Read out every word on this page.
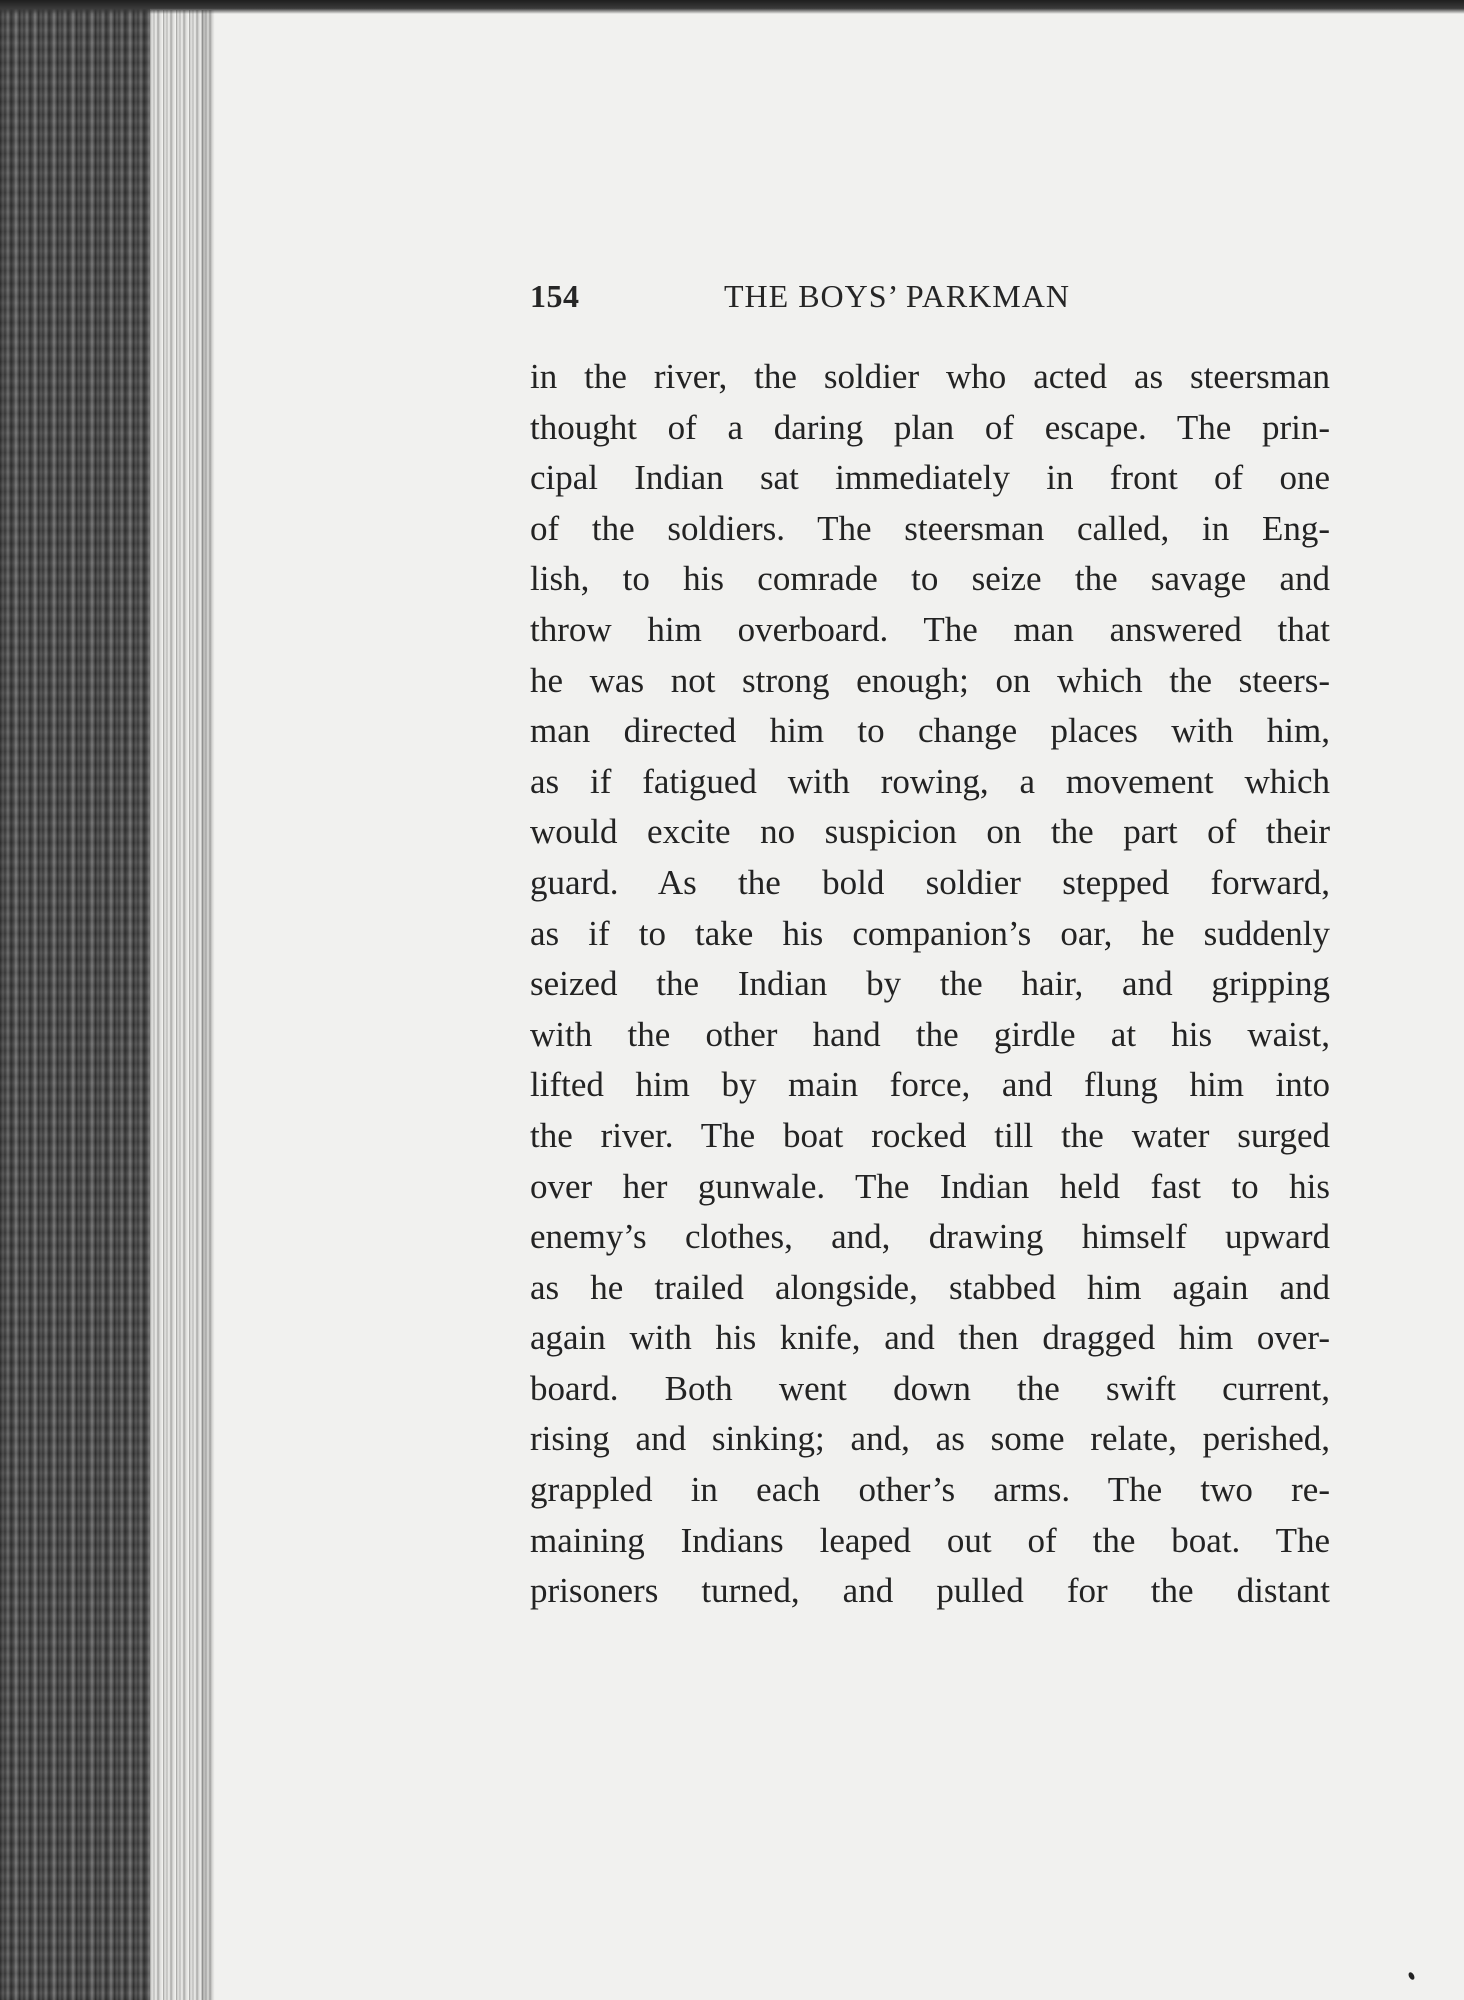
154	THE BOYS’ PARKMAN
in the river, the soldier who acted as steersman
thought of a daring plan of escape. The prin-
cipal Indian sat immediately in front of one
of the soldiers. The steersman called, in Eng-
lish, to his comrade to seize the savage and
throw him overboard. The man answered that
he was not strong enough; on which the steers-
man directed him to change places with him,
as if fatigued with rowing, a movement which
would excite no suspicion on the part of their
guard. As the bold soldier stepped forward,
as if to take his companion’s oar, he suddenly
seized the Indian by the hair, and gripping
with the other hand the girdle at his waist,
lifted him by main force, and flung him into
the river. The boat rocked till the water surged
over her gunwale. The Indian held fast to his
enemy’s clothes, and, drawing himself upward
as he trailed alongside, stabbed him again and
again with his knife, and then dragged him over-
board. Both went down the swift current,
rising and sinking; and, as some relate, perished,
grappled in each other’s arms. The two re-
maining Indians leaped out of the boat. The
prisoners turned, and pulled for the distant
